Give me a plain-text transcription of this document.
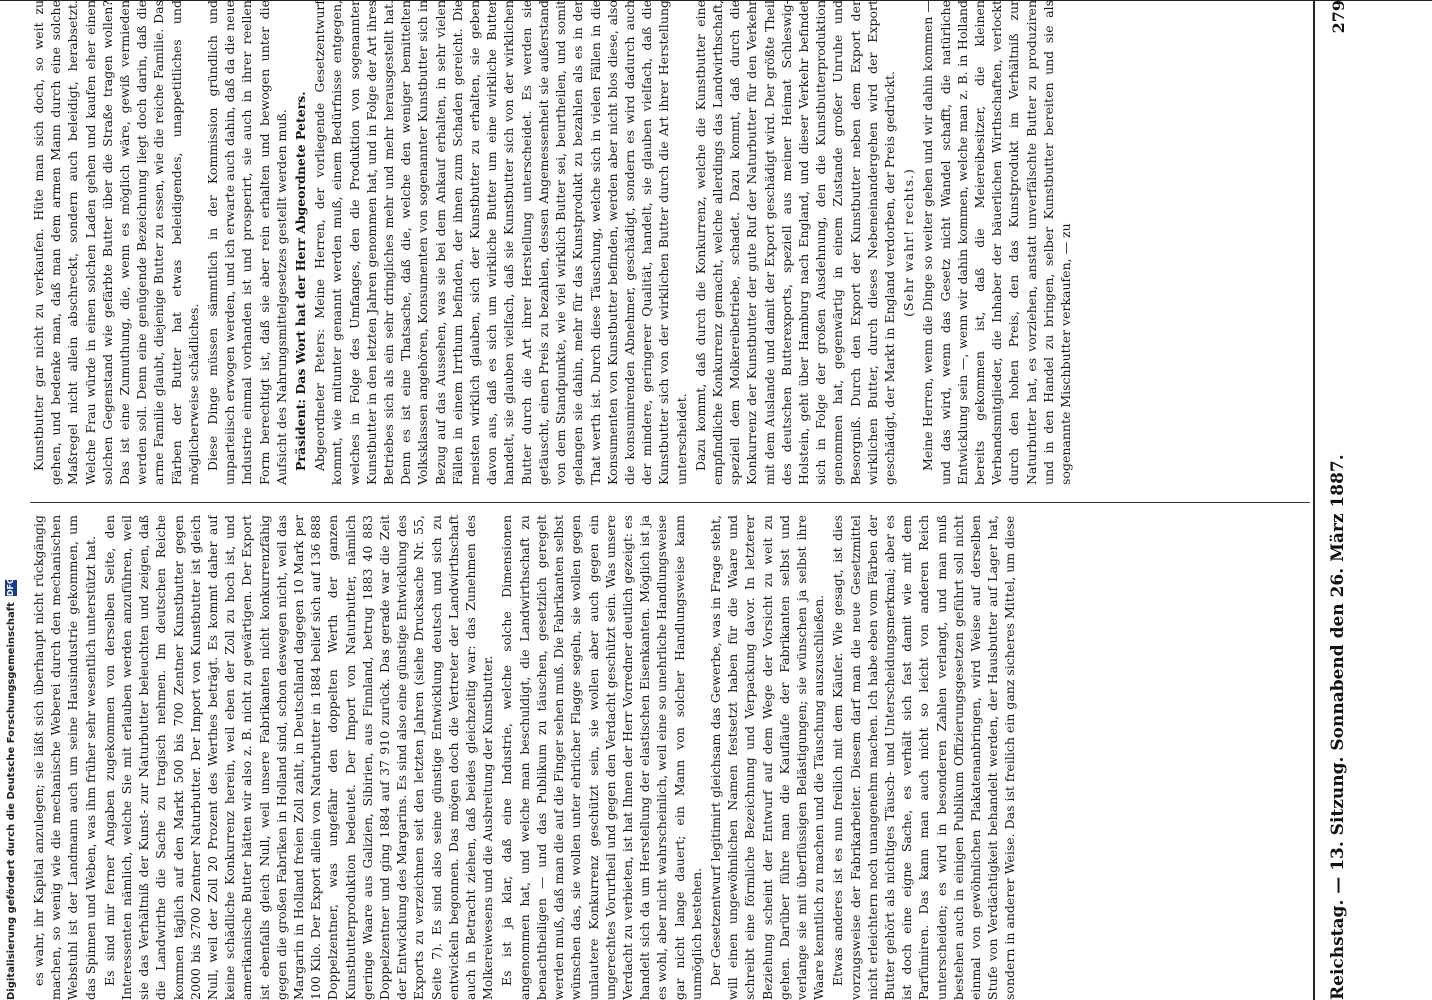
Reichstag. — 13. Sitzung. Sonnabend den 26. März 1887.
279

es wahr, ihr Kapital anzulegen; sie läßt sich überhaupt nicht rückgängig machen, so wenig wie die mechanische Weberei durch den mechanischen Webstuhl ist der Landmann auch um seine Hausindustrie gekommen, um das Spinnen und Weben, was ihm früher sehr wesentlich unterstützt hat. Es sind mir ferner Angaben zugekommen von derselben Seite, den Interessenten nämlich, welche Sie mit erlauben werden anzuführen, weil sie das Verhältniß der Kunst- zur Naturbutter beleuchten und zeigen, daß die Landwirthe die Sache zu tragisch nehmen. Im deutschen Reiche kommen täglich auf den Markt 500 bis 700 Zentner Kunstbutter gegen 2000 bis 2700 Zentner Naturbutter. Der Import von Kunstbutter ist gleich Null, weil der Zoll 20 Prozent des Werthes beträgt. Es kommt daher auf keine schädliche Konkurrenz herein, weil eben der Zoll zu hoch ist, und amerikanische Butter hätten wir also z. B. nicht zu gewärtigen. Der Export ist ebenfalls gleich Null, weil unsere Fabrikanten nicht konkurrenzfähig gegen die großen Fabriken in Holland sind, schon deswegen nicht, weil das Margarin in Holland freien Zoll zahlt, in Deutschland dagegen 10 Mark per 100 Kilo. Der Export allein von Naturbutter in 1884 belief sich auf 136 888 Doppelzentner, was ungefähr den doppelten Werth der ganzen Kunstbutterproduktion bedeutet. Der Import von Naturbutter, nämlich geringe Waare aus Galizien, Sibirien, aus Finnland, betrug 1883 40 883 Doppelzentner und ging 1884 auf 37 910 zurück. Das gerade war die Zeit der Entwicklung des Margarins. Es sind also eine günstige Entwicklung des Exports zu verzeichnen seit den letzten Jahren (siehe Drucksache Nr. 55, Seite 7). Es sind also seine günstige Entwicklung deutsch und sich zu entwickeln begonnen. Das mögen doch die Vertreter der Landwirthschaft auch in Betracht ziehen, daß beides gleichzeitig war: das Zunehmen des Molkereiwesens und die Ausbreitung der Kunstbutter. Es ist ja klar, daß eine Industrie, welche solche Dimensionen angenommen hat, und welche man beschuldigt, die Landwirthschaft zu benachtheiligen — und das Publikum zu täuschen, gesetzlich geregelt werden muß, daß man die auf die Finger sehen muß. Die Fabrikanten selbst wünschen das, sie wollen unter ehrlicher Flagge segeln, sie wollen gegen unlautere Konkurrenz geschützt sein, sie wollen aber auch gegen ein ungerechtes Vorurtheil und gegen den Verdacht geschützt sein. Was unsere Verdacht zu verbieten, ist hat Ihnen der Herr Vorredner deutlich gezeigt: es handelt sich da um Herstellung der elastischen Eisenkanten. Möglich ist ja es wohl, aber nicht wahrscheinlich, weil eine so unehrliche Handlungsweise gar nicht lange dauert; ein Mann von solcher Handlungsweise kann unmöglich bestehen. Der Gesetzentwurf legitimirt gleichsam das Gewerbe, was in Frage steht, will einen ungewöhnlichen Namen festsetzt haben für die Waare und schreibt eine förmliche Bezeichnung und Verpackung davor. In letzterer Beziehung scheint der Entwurf auf dem Wege der Vorsicht zu weit zu gehen. Darüber führe man die Kaufläufe der Fabrikanten selbst und verlange sie mit überflüssigen Belästigungen; sie wünschen ja selbst ihre Waare kenntlich zu machen und die Täuschung auszuschließen. Etwas anderes ist es nun freilich mit dem Käufer. Wie gesagt, ist dies vorzugsweise der Fabrikarbeiter. Diesem darf man die neue Gesetzmittel nicht erleichtern noch unangenehm machen. Ich habe eben vom Färben der Butter gehört als nichtiges Täusch- und Unterscheidungsmerkmal; aber es ist doch eine eigne Sache, es verhält sich fast damit wie mit dem Parfümiren. Das kann man auch nicht so leicht von anderen Reich unterscheiden; es wird in besonderen Zahlen verlangt, und man muß bestehen auch in einigen Publikum Offizierungsgesetzen geführt soll nicht einmal von gewöhnlichen Plakatenanbringen, wird Weise auf derselben Stufe von Verdächtigkeit behandelt werden, der Hausbutter auf Lager hat, sondern in anderer Weise. Das ist freilich ein ganz sicheres Mittel, um diese

Kunstbutter gar nicht zu verkaufen. Hüte man sich doch, so weit zu gehen, und bedenke man, daß man dem armen Mann durch eine solche Maßregel nicht allein abschreckt, sondern auch beleidigt, herabsetzt. Welche Frau würde in einen solchen Laden gehen und kaufen eher einen solchen Gegenstand wie gefärbte Butter über die Straße tragen wollen? Das ist eine Zumuthung, die, wenn es möglich wäre, gewiß vermieden werden soll. Denn eine genügende Bezeichnung liegt doch darin, daß die arme Familie glaubt, diejenige Butter zu essen, wie die reiche Familie. Das Färben der Butter hat etwas beleidigendes, unappetitliches und möglicherweise schädliches. Diese Dinge müssen sämmtlich in der Kommission gründlich und unparteiisch erwogen werden, und ich erwarte auch dahin, daß da die neue Industrie einmal vorhanden ist und prosperirt, sie auch in ihrer reellen Form berechtigt ist, daß sie aber rein erhalten und bewogen unter die Aufsicht des Nahrungsmittelgesetzes gestellt werden muß. Präsident: Das Wort hat der Herr Abgeordnete Peters. Abgeordneter Peters: Meine Herren, der vorliegende Gesetzentwurf kommt, wie mitunter genannt werden muß, einem Bedürfnisse entgegen, welches in Folge des Umfanges, den die Produktion von sogenannter Kunstbutter in den letzten Jahren genommen hat, und in Folge der Art ihres Betriebes sich als ein sehr dringliches mehr und mehr herausgestellt hat. Denn es ist eine Thatsache, daß die, welche den weniger bemittelten Volksklassen angehören, Konsumenten von sogenannter Kunstbutter sich in Bezug auf das Aussehen, was sie bei dem Ankauf erhalten, in sehr vielen Fällen in einem Irrthum befinden, der ihnen zum Schaden gereicht. Die meisten wirklich glauben, sich der Kunstbutter zu erhalten, sie geben davon aus, daß es sich um wirkliche Butter um eine wirkliche Butter handelt, sie glauben vielfach, daß sie Kunstbutter sich von der wirklichen Butter durch die Art ihrer Herstellung unterscheidet. Es werden sie getäuscht, einen Preis zu bezahlen, dessen Angemessenheit sie außerstand von dem Standpunkte, wie viel wirklich Butter sei, beurtheilen, und somit gelangen sie dahin, mehr für das Kunstprodukt zu bezahlen als es in der That werth ist. Durch diese Täuschung, welche sich in vielen Fällen in die Konsumenten von Kunstbutter befinden, werden aber nicht blos diese, also die konsumirenden Abnehmer, geschädigt, sondern es wird dadurch auch der mindere, geringerer Qualität, handelt, sie glauben vielfach, daß die Kunstbutter sich von der wirklichen Butter durch die Art ihrer Herstellung unterscheidet. Dazu kommt, daß durch die Konkurrenz, welche die Kunstbutter eine empfindliche Konkurrenz gemacht, welche allerdings das Landwirthschaft, speziell dem Molkereibetriebe, schadet. Dazu kommt, daß durch die Konkurrenz der Kunstbutter der gute Ruf der Naturbutter für den Verkehr mit dem Auslande und damit der Export geschädigt wird. Der größte Theil des deutschen Butterexports, speziell aus meiner Heimat Schleswig-Holstein, geht über Hamburg nach England, und dieser Verkehr befindet sich in Folge der großen Ausdehnung, den die Kunstbutterproduktion genommen hat, gegenwärtig in einem Zustande großer Unruhe und Besorgniß. Durch den Export der Kunstbutter neben dem Export der wirklichen Butter, durch dieses Nebeneinandergehen wird der Export geschädigt, der Markt in England verdorben, der Preis gedrückt. (Sehr wahr! rechts.) Meine Herren, wenn die Dinge so weiter gehen und wir dahin kommen — und das wird, wenn das Gesetz nicht Wandel schafft, die natürliche Entwicklung sein —, wenn wir dahin kommen, welche man z. B. in Holland bereits gekommen ist, daß die Meiereibesitzer, die kleinen Verbandsmitglieder, die Inhaber der bäuerlichen Wirthschaften, verlockt durch den hohen Preis, den das Kunstprodukt im Verhältniß zur Naturbutter hat, es vorziehen, anstatt unverfälschte Butter zu produziren und in den Handel zu bringen, selber Kunstbutter bereiten und sie als sogenannte Mischbutter verkaufen, — zu

Digitalisierung gefördert durch die Deutsche Forschungsgemeinschaft
DFG
